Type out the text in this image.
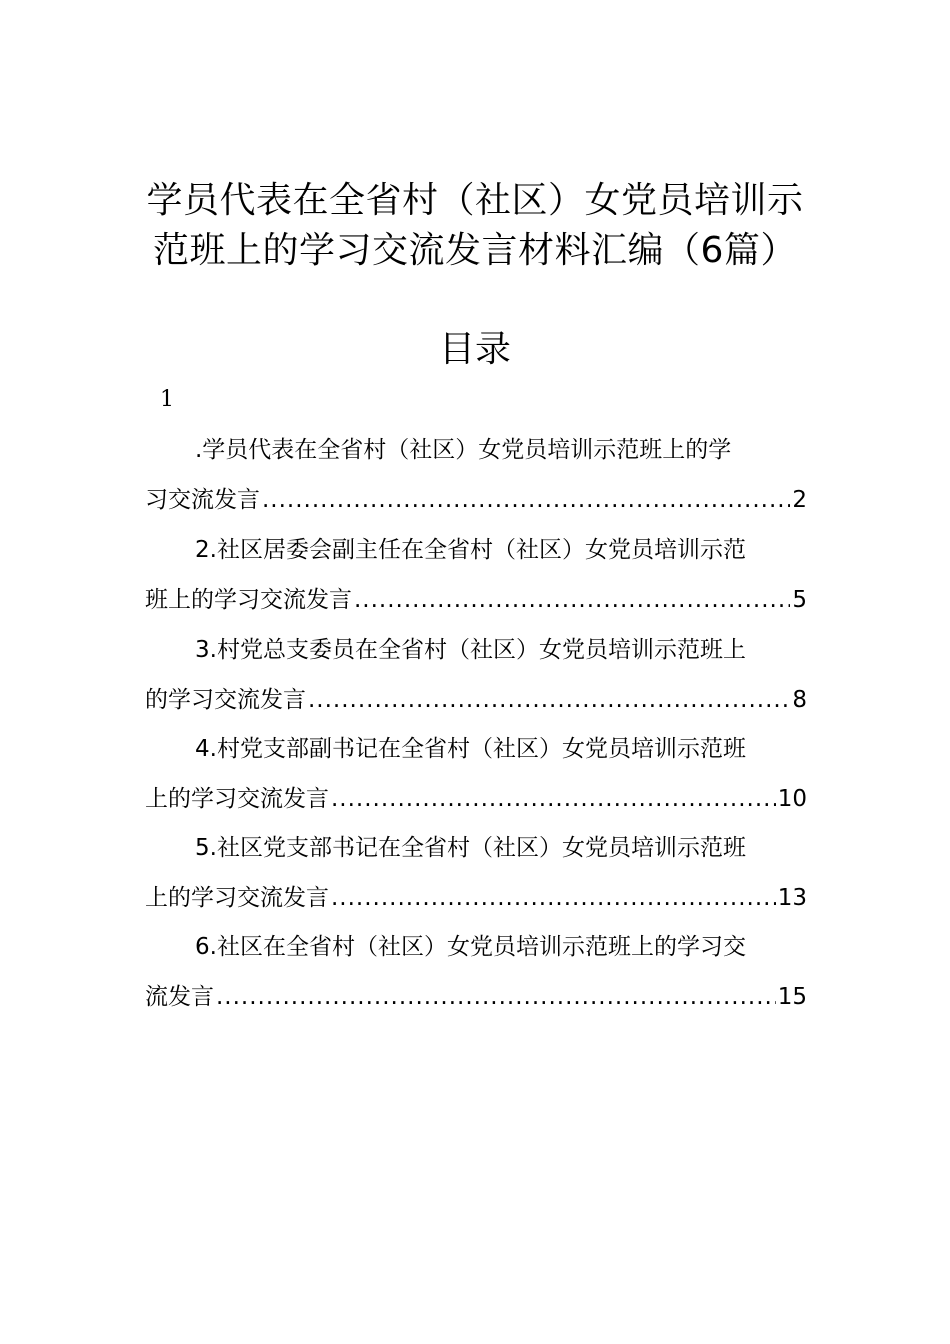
学员代表在全省村（社区）女党员培训示
范班上的学习交流发言材料汇编（6篇）
目录
1
.学员代表在全省村（社区）女党员培训示范班上的学
习交流发言 .....	2
2.社区居委会副主任在全省村（社区）女党员培训示范
班上的学习交流发言 .....	5
3.村党总支委员在全省村（社区）女党员培训示范班上
的学习交流发言 .....	8
4.村党支部副书记在全省村（社区）女党员培训示范班
上的学习交流发言 .....	10
5.社区党支部书记在全省村（社区）女党员培训示范班
上的学习交流发言 .....	13
6.社区在全省村（社区）女党员培训示范班上的学习交
流发言 .....	15
